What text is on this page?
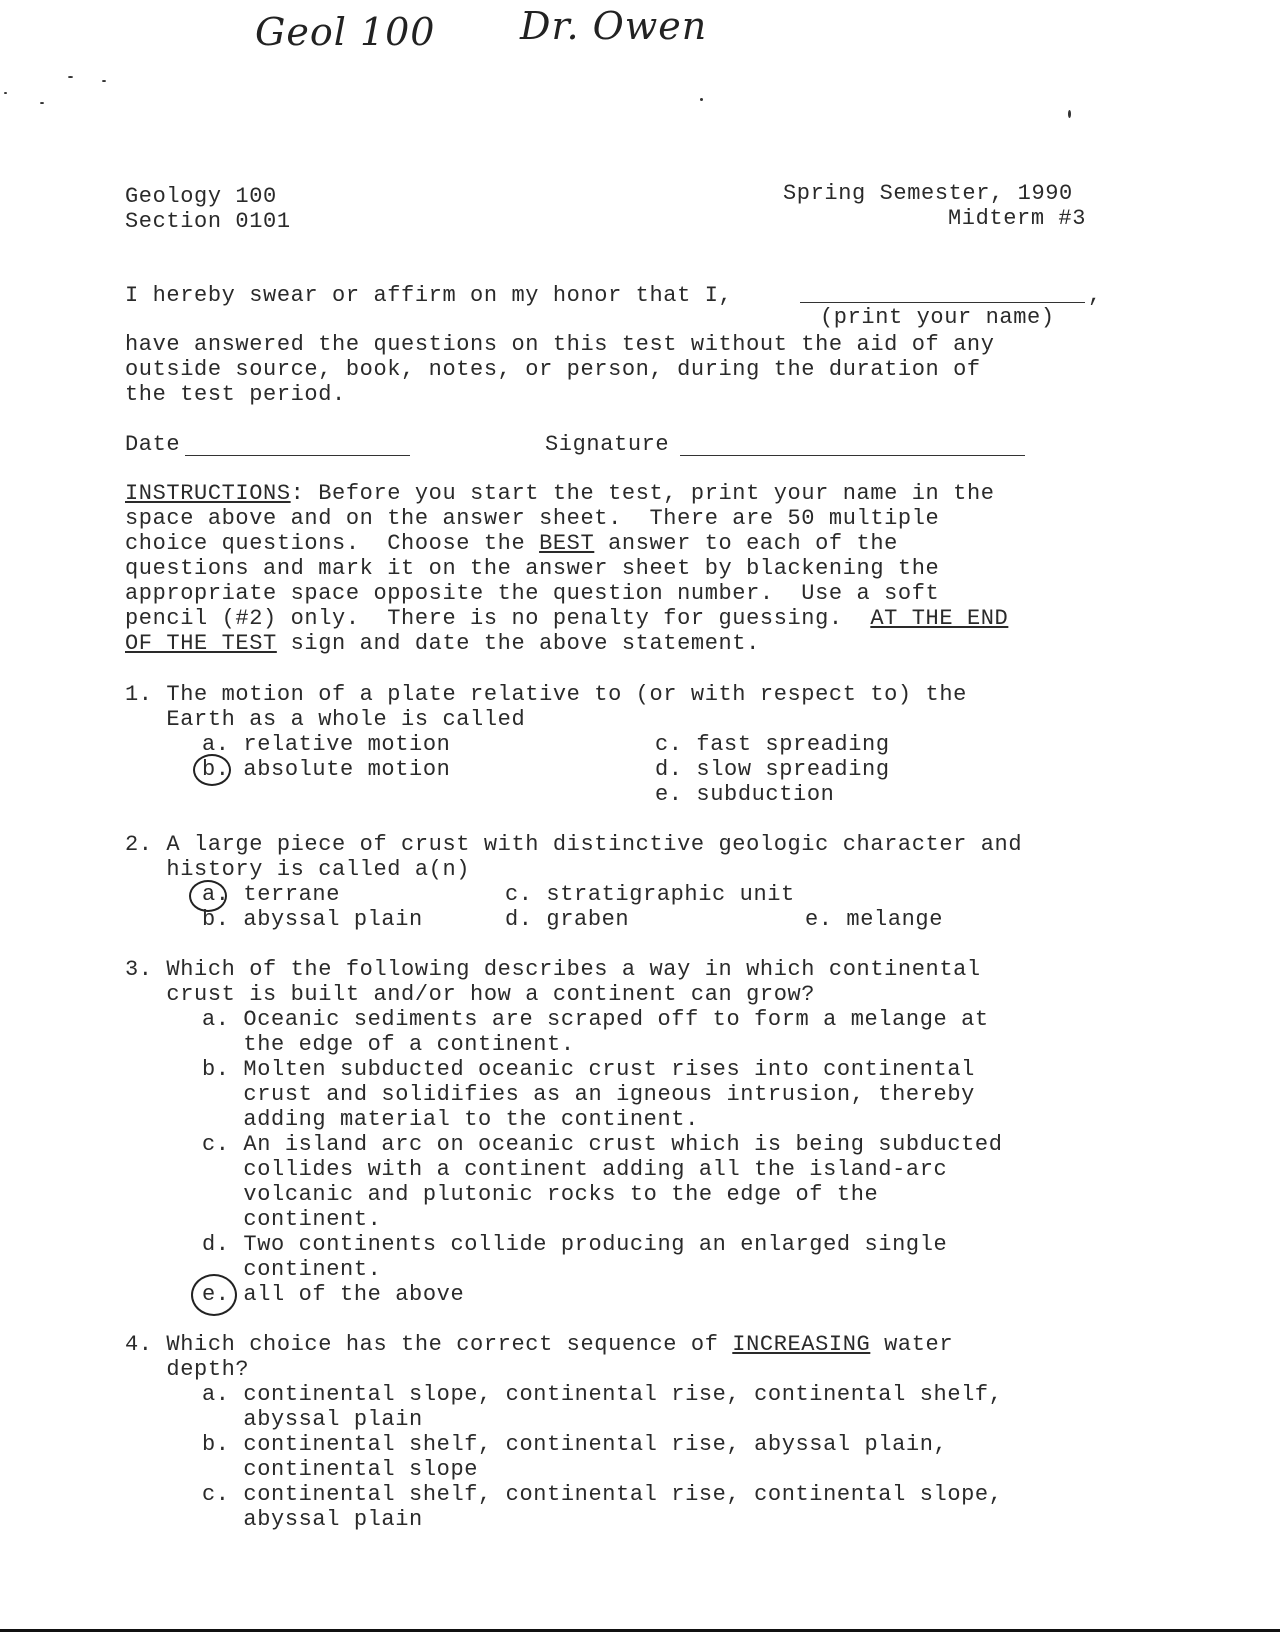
Geol 100 Dr. Owen
Geology 100
Section 0101
Spring Semester, 1990
Midterm #3
I hereby swear or affirm on my honor that I,	,
(print your name)
have answered the questions on this test without the aid of any
outside source, book, notes, or person, during the duration of
the test period.
Date	Signature
INSTRUCTIONS: Before you start the test, print your name in the
space above and on the answer sheet.  There are 50 multiple
choice questions.  Choose the BEST answer to each of the
questions and mark it on the answer sheet by blackening the
appropriate space opposite the question number.  Use a soft
pencil (#2) only.  There is no penalty for guessing.  AT THE END
OF THE TEST sign and date the above statement.
1. The motion of a plate relative to (or with respect to) the
Earth as a whole is called
a. relative motion
b. absolute motion
c. fast spreading
d. slow spreading
e. subduction
2. A large piece of crust with distinctive geologic character and
history is called a(n)
a. terrane
b. abyssal plain
c. stratigraphic unit
d. graben	e. melange
3. Which of the following describes a way in which continental
crust is built and/or how a continent can grow?
a. Oceanic sediments are scraped off to form a melange at
the edge of a continent.
b. Molten subducted oceanic crust rises into continental
crust and solidifies as an igneous intrusion, thereby
adding material to the continent.
c. An island arc on oceanic crust which is being subducted
collides with a continent adding all the island-arc
volcanic and plutonic rocks to the edge of the
continent.
d. Two continents collide producing an enlarged single
continent.
e. all of the above
4. Which choice has the correct sequence of INCREASING water
depth?
a. continental slope, continental rise, continental shelf,
abyssal plain
b. continental shelf, continental rise, abyssal plain,
continental slope
c. continental shelf, continental rise, continental slope,
abyssal plain
